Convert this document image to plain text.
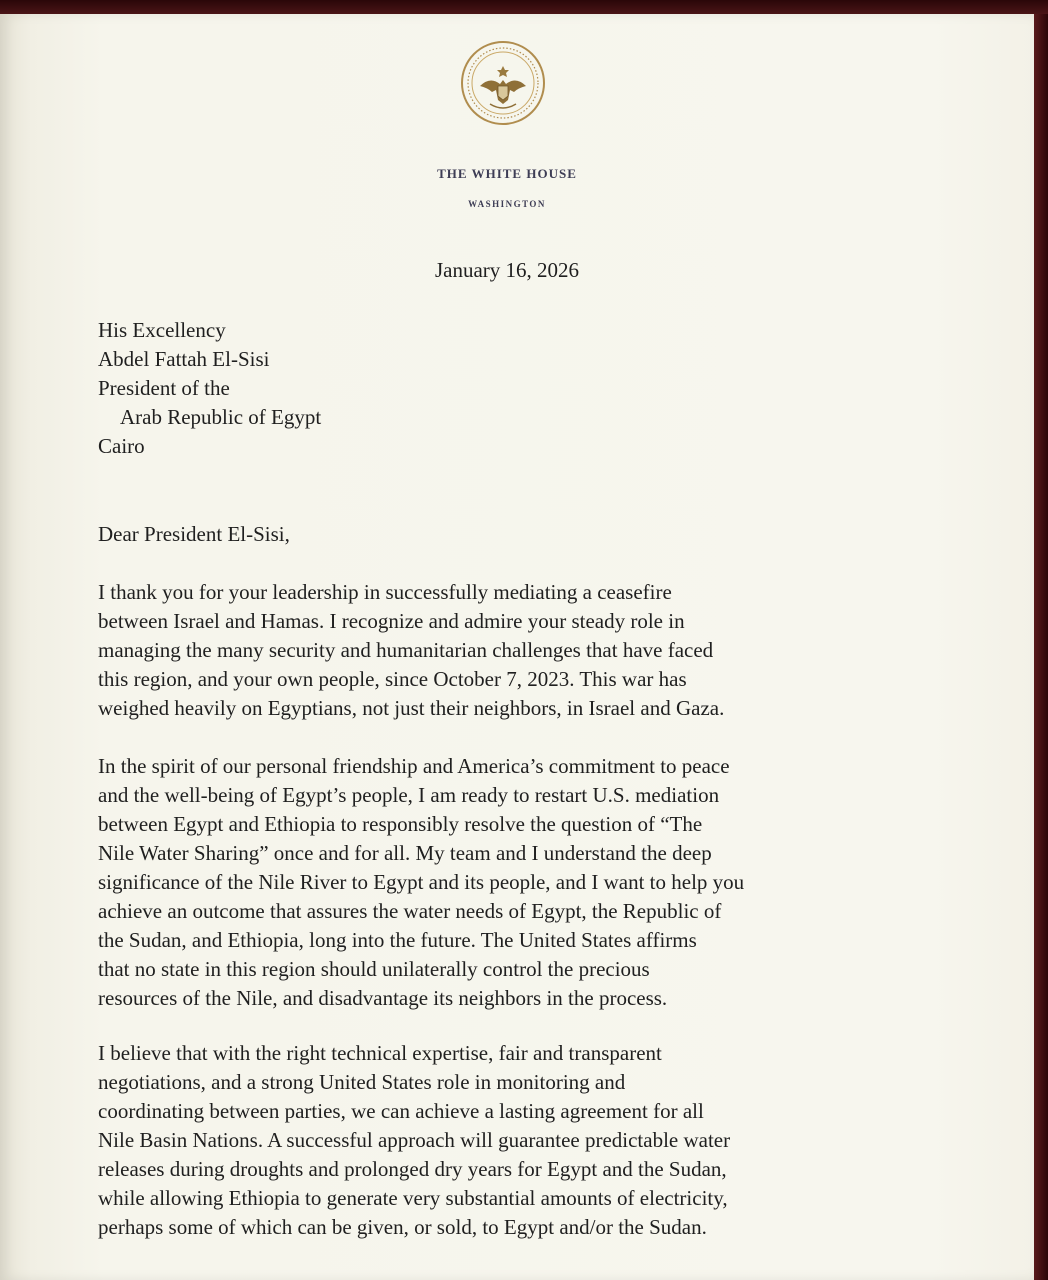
THE WHITE HOUSE
WASHINGTON
January 16, 2026
His Excellency
Abdel Fattah El-Sisi
President of the
Arab Republic of Egypt
Cairo
Dear President El-Sisi,
I thank you for your leadership in successfully mediating a ceasefire
between Israel and Hamas. I recognize and admire your steady role in
managing the many security and humanitarian challenges that have faced
this region, and your own people, since October 7, 2023. This war has
weighed heavily on Egyptians, not just their neighbors, in Israel and Gaza.
In the spirit of our personal friendship and America’s commitment to peace
and the well-being of Egypt’s people, I am ready to restart U.S. mediation
between Egypt and Ethiopia to responsibly resolve the question of “The
Nile Water Sharing” once and for all. My team and I understand the deep
significance of the Nile River to Egypt and its people, and I want to help you
achieve an outcome that assures the water needs of Egypt, the Republic of
the Sudan, and Ethiopia, long into the future. The United States affirms
that no state in this region should unilaterally control the precious
resources of the Nile, and disadvantage its neighbors in the process.
I believe that with the right technical expertise, fair and transparent
negotiations, and a strong United States role in monitoring and
coordinating between parties, we can achieve a lasting agreement for all
Nile Basin Nations. A successful approach will guarantee predictable water
releases during droughts and prolonged dry years for Egypt and the Sudan,
while allowing Ethiopia to generate very substantial amounts of electricity,
perhaps some of which can be given, or sold, to Egypt and/or the Sudan.
